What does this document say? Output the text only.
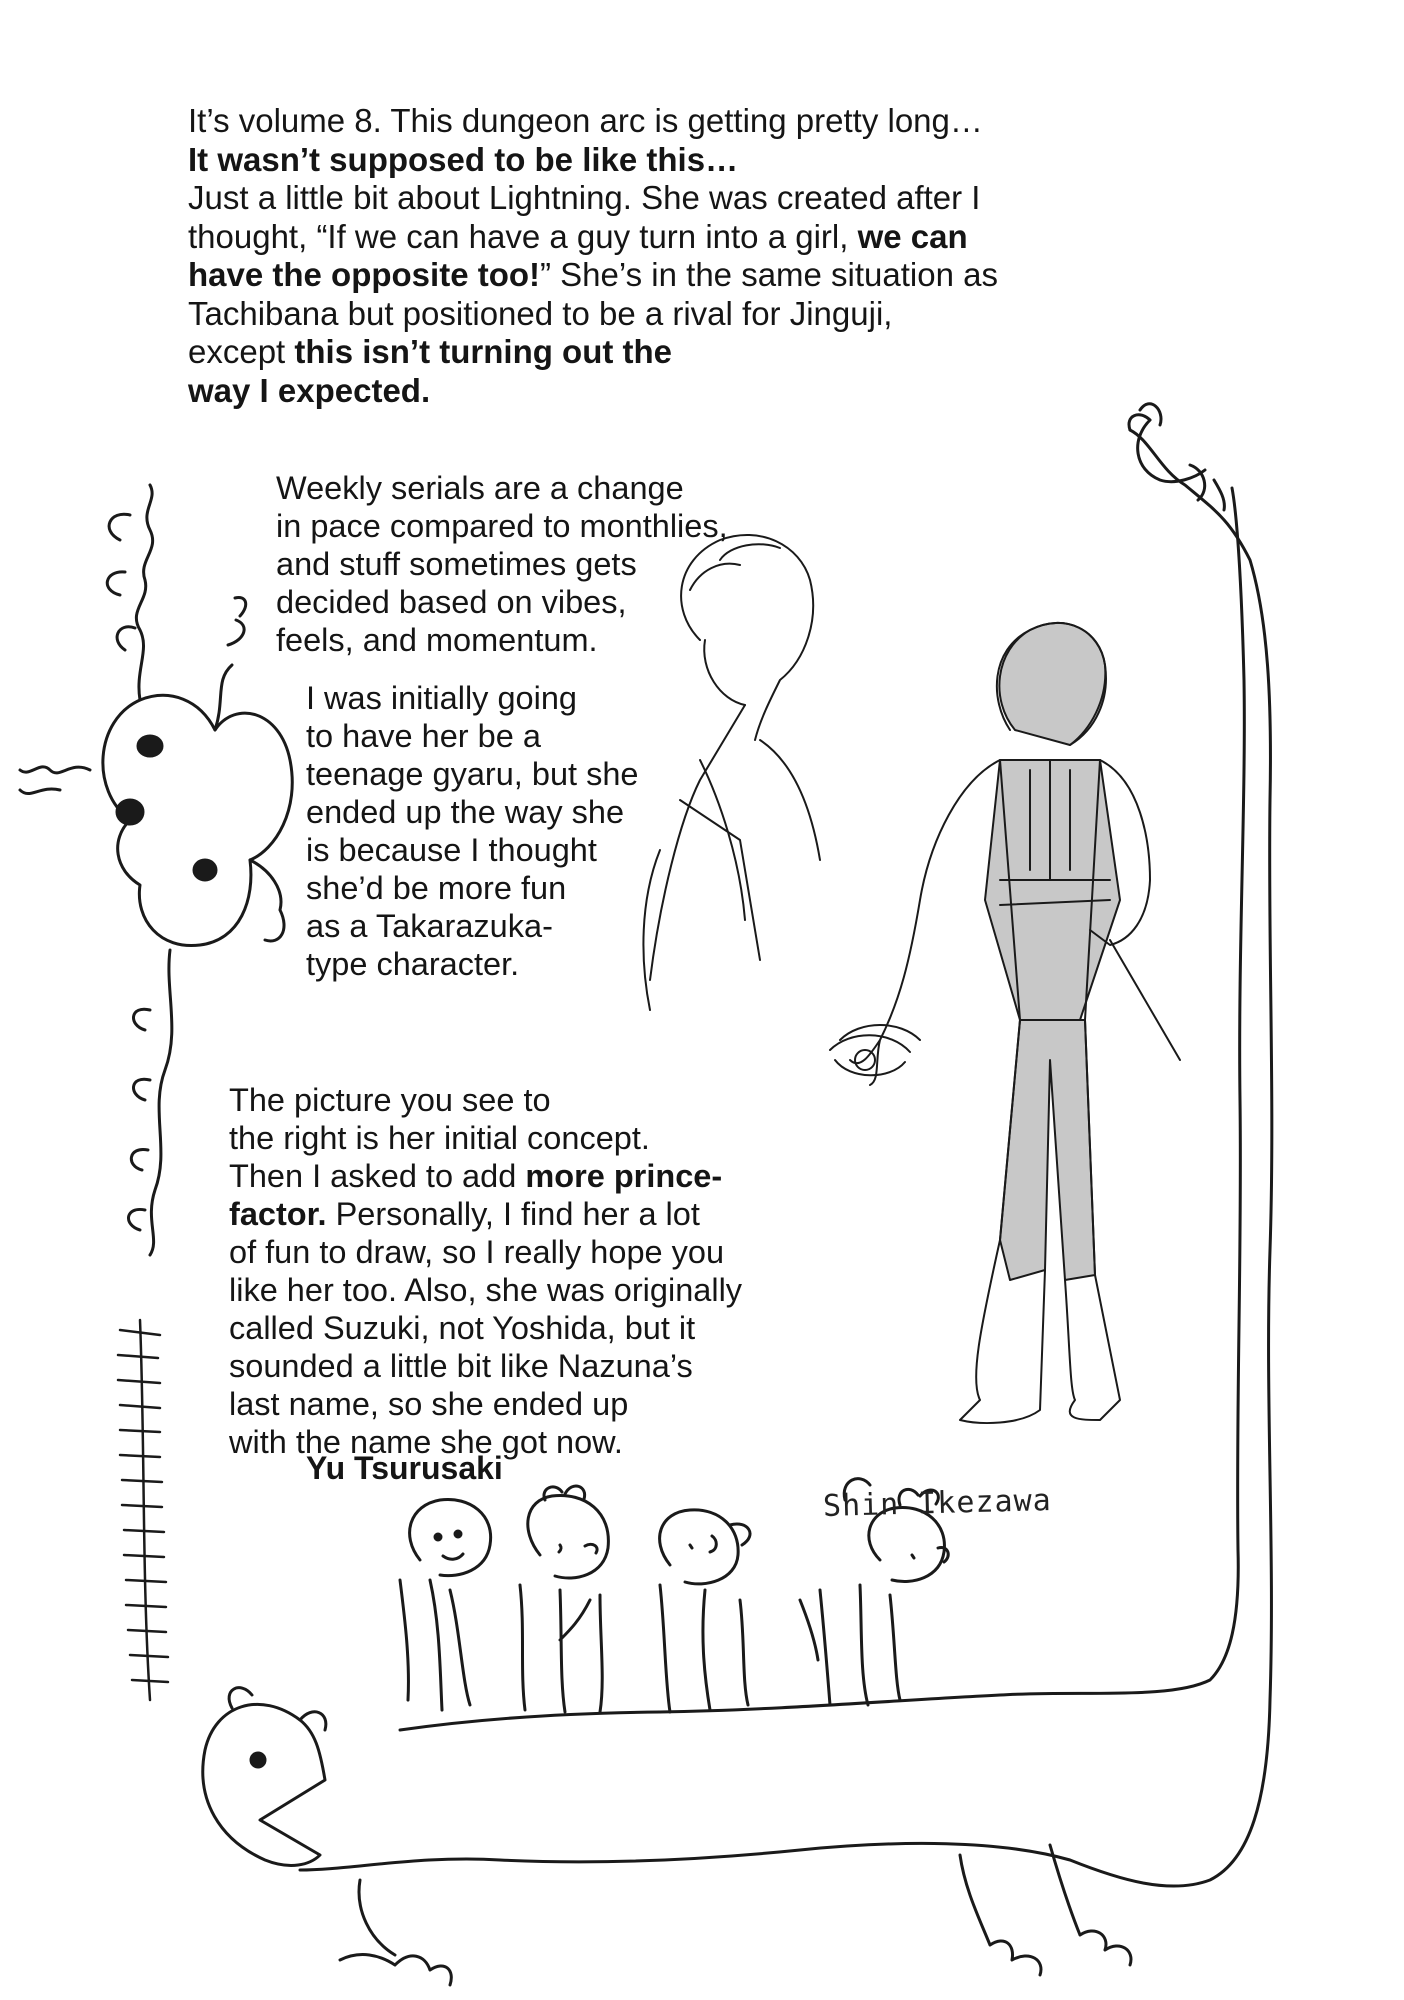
It’s volume 8. This dungeon arc is getting pretty long…
It wasn’t supposed to be like this…
Just a little bit about Lightning. She was created after I
thought, “If we can have a guy turn into a girl, we can
have the opposite too!” She’s in the same situation as
Tachibana but positioned to be a rival for Jinguji,
except this isn’t turning out the
way I expected.
Weekly serials are a change
in pace compared to monthlies,
and stuff sometimes gets
decided based on vibes,
feels, and momentum.
I was initially going
to have her be a
teenage gyaru, but she
ended up the way she
is because I thought
she’d be more fun
as a Takarazuka-
type character.
The picture you see to
the right is her initial concept.
Then I asked to add more prince-
factor. Personally, I find her a lot
of fun to draw, so I really hope you
like her too. Also, she was originally
called Suzuki, not Yoshida, but it
sounded a little bit like Nazuna’s
last name, so she ended up
with the name she got now.
Yu Tsurusaki
Shin Ikezawa
